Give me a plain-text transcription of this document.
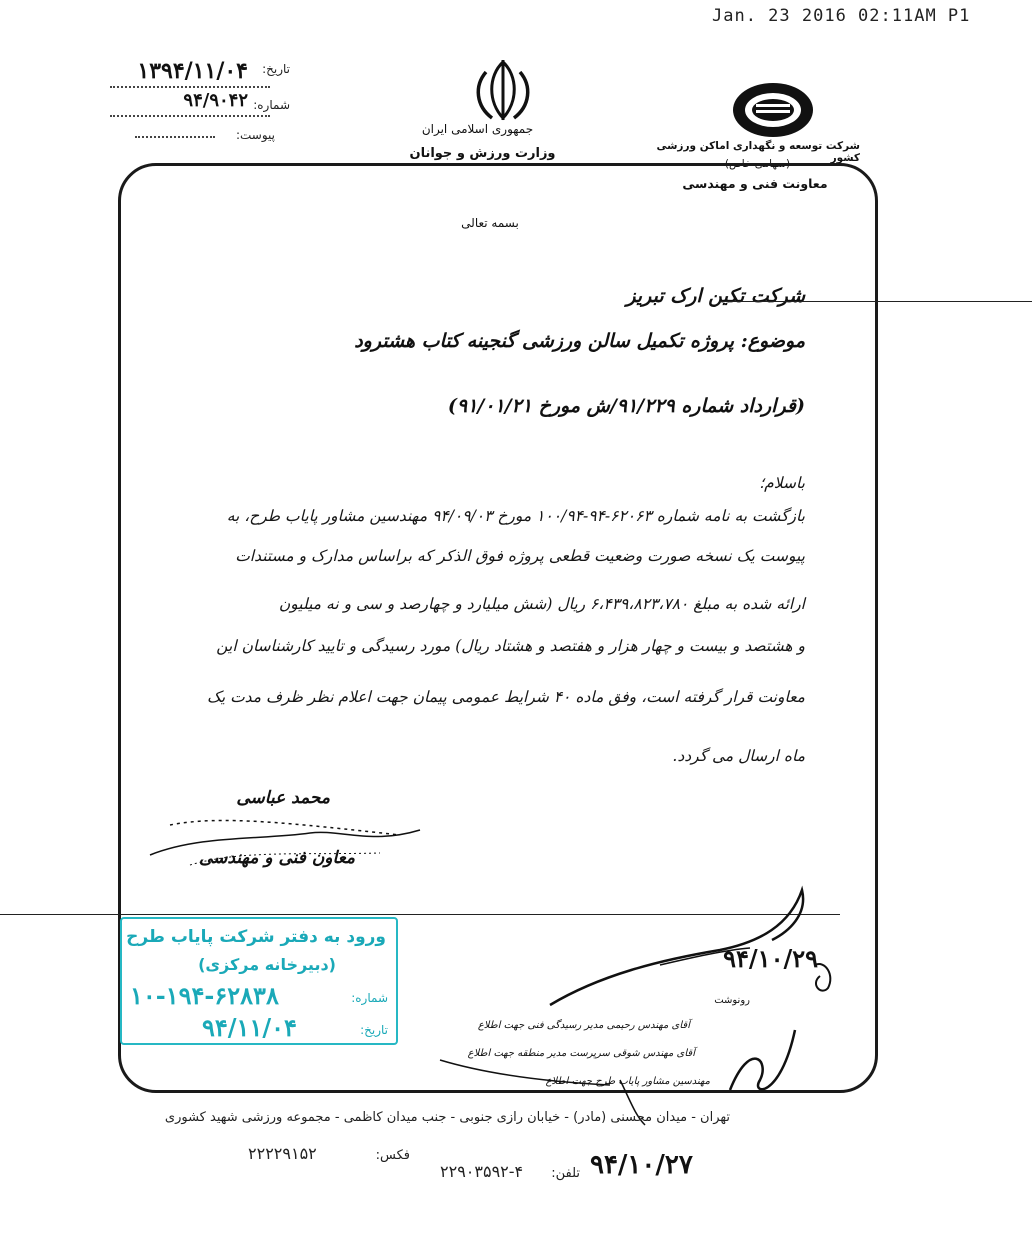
Jan. 23 2016 02:11AM P1
۱۳۹۴/۱۱/۰۴	تاریخ:
۹۴/۹۰۴۲ شماره:
پیوست:	جمهوری اسلامی ایران
وزارت ورزش و جوانان	شرکت توسعه و نگهداری اماکن ورزشی کشور
(سهامی خاص)
معاونت فنی و مهندسی
بسمه تعالی
شرکت تکین ارک تبریز
موضوع: پروژه تکمیل سالن ورزشی گنجینه کتاب هشترود
(قرارداد شماره ۹۱/۲۲۹/ش مورخ ۹۱/۰۱/۲۱)
باسلام؛
بازگشت به نامه شماره ۶۲۰۶۳-۹۴-۱۰۰/۹۴ مورخ ۹۴/۰۹/۰۳ مهندسین مشاور پایاب طرح، به
پیوست یک نسخه صورت وضعیت قطعی پروژه فوق الذکر که براساس مدارک و مستندات
ارائه شده به مبلغ ۶،۴۳۹،۸۲۳،۷۸۰ ریال (شش میلیارد و چهارصد و سی و نه میلیون
و هشتصد و بیست و چهار هزار و هفتصد و هشتاد ریال) مورد رسیدگی و تایید کارشناسان این
معاونت قرار گرفته است، وفق ماده ۴۰ شرایط عمومی پیمان جهت اعلام نظر ظرف مدت یک
ماه ارسال می گردد.
محمد عباسی
معاون فنی و مهندسی
۹۴/۱۰/۲۹
رونوشت
آقای مهندس رحیمی مدیر رسیدگی فنی جهت اطلاع
آقای مهندس شوقی سرپرست مدیر منطقه جهت اطلاع
مهندسین مشاور پایاب طرح جهت اطلاع
ورود به دفتر شرکت پایاب طرح
(دبیرخانه مرکزی)
شماره:
۱۰-۱۹۴-۶۲۸۳۸
تاریخ:
۹۴/۱۱/۰۴
تهران - میدان محسنی (مادر) - خیابان رازی جنوبی - جنب میدان کاظمی - مجموعه ورزشی شهید کشوری
فکس:
۲۲۲۲۹۱۵۲
تلفن:
۲۲۹۰۳۵۹۲-۴	۹۴/۱۰/۲۷
